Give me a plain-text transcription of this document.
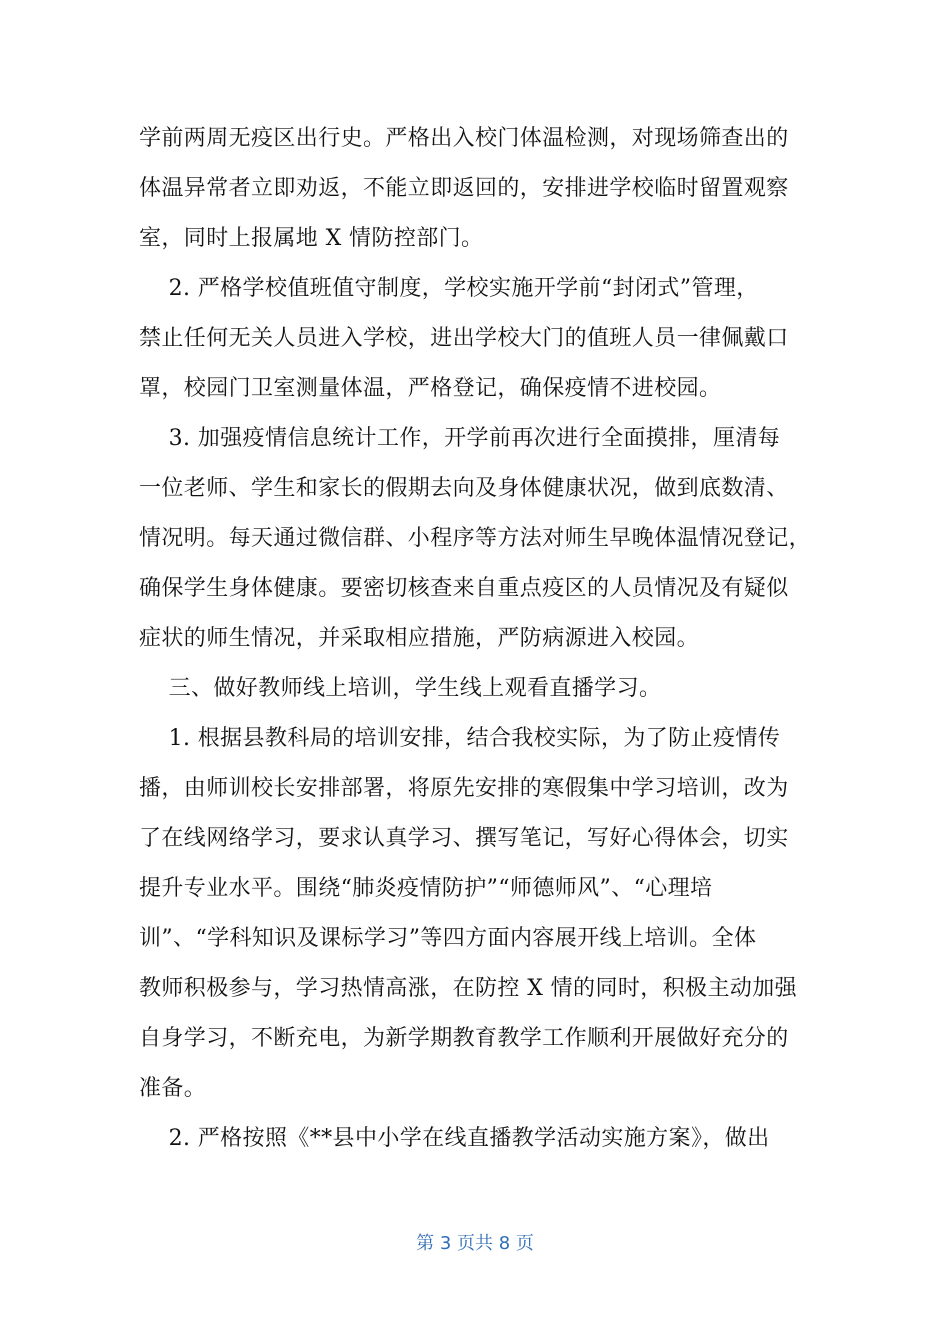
学前两周无疫区出行史。严格出入校门体温检测，对现场筛查出的
体温异常者立即劝返，不能立即返回的，安排进学校临时留置观察
室，同时上报属地 X 情防控部门。
2. 严格学校值班值守制度，学校实施开学前“封闭式”管理，
禁止任何无关人员进入学校，进出学校大门的值班人员一律佩戴口
罩，校园门卫室测量体温，严格登记，确保疫情不进校园。
3. 加强疫情信息统计工作，开学前再次进行全面摸排，厘清每
一位老师、学生和家长的假期去向及身体健康状况，做到底数清、
情况明。每天通过微信群、小程序等方法对师生早晚体温情况登记，
确保学生身体健康。要密切核查来自重点疫区的人员情况及有疑似
症状的师生情况，并采取相应措施，严防病源进入校园。
三、做好教师线上培训，学生线上观看直播学习。
1. 根据县教科局的培训安排，结合我校实际，为了防止疫情传
播，由师训校长安排部署，将原先安排的寒假集中学习培训，改为
了在线网络学习，要求认真学习、撰写笔记，写好心得体会，切实
提升专业水平。围绕“肺炎疫情防护”“师德师风”、“心理培
训”、“学科知识及课标学习”等四方面内容展开线上培训。全体
教师积极参与，学习热情高涨，在防控 X 情的同时，积极主动加强
自身学习，不断充电，为新学期教育教学工作顺利开展做好充分的
准备。
2. 严格按照《**县中小学在线直播教学活动实施方案》，做出
第 3 页共 8 页
